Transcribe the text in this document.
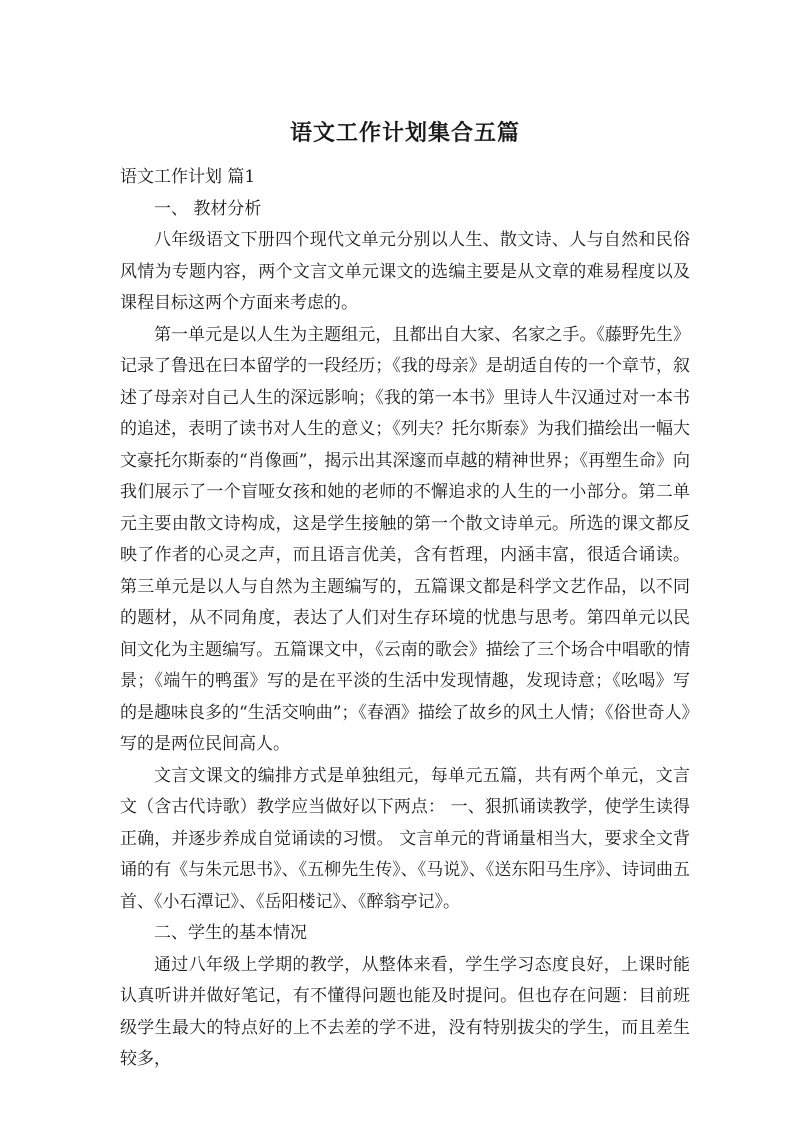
语文工作计划集合五篇

语文工作计划 篇1

一、 教材分析

八年级语文下册四个现代文单元分别以人生、散文诗、人与自然和民俗风情为专题内容，两个文言文单元课文的选编主要是从文章的难易程度以及课程目标这两个方面来考虑的。

第一单元是以人生为主题组元，且都出自大家、名家之手。《藤野先生》记录了鲁迅在曰本留学的一段经历；《我的母亲》是胡适自传的一个章节，叙述了母亲对自己人生的深远影响；《我的第一本书》里诗人牛汉通过对一本书的追述，表明了读书对人生的意义；《列夫？托尔斯泰》为我们描绘出一幅大文豪托尔斯泰的“肖像画”，揭示出其深邃而卓越的精神世界；《再塑生命》向我们展示了一个盲哑女孩和她的老师的不懈追求的人生的一小部分。第二单元主要由散文诗构成，这是学生接触的第一个散文诗单元。所选的课文都反映了作者的心灵之声，而且语言优美，含有哲理，内涵丰富，很适合诵读。第三单元是以人与自然为主题编写的，五篇课文都是科学文艺作品，以不同的题材，从不同角度，表达了人们对生存环境的忧患与思考。第四单元以民间文化为主题编写。五篇课文中，《云南的歌会》描绘了三个场合中唱歌的情景；《端午的鸭蛋》写的是在平淡的生活中发现情趣，发现诗意；《吆喝》写的是趣味良多的“生活交响曲”；《春酒》描绘了故乡的风土人情；《俗世奇人》写的是两位民间高人。

文言文课文的编排方式是单独组元，每单元五篇，共有两个单元，文言文（含古代诗歌）教学应当做好以下两点： 一、狠抓诵读教学，使学生读得正确，并逐步养成自觉诵读的习惯。 文言单元的背诵量相当大，要求全文背诵的有《与朱元思书》、《五柳先生传》、《马说》、《送东阳马生序》、诗词曲五首、《小石潭记》、《岳阳楼记》、《醉翁亭记》。

二、学生的基本情况

通过八年级上学期的教学，从整体来看，学生学习态度良好，上课时能认真听讲并做好笔记，有不懂得问题也能及时提问。但也存在问题：目前班级学生最大的特点好的上不去差的学不进，没有特别拔尖的学生，而且差生较多，
